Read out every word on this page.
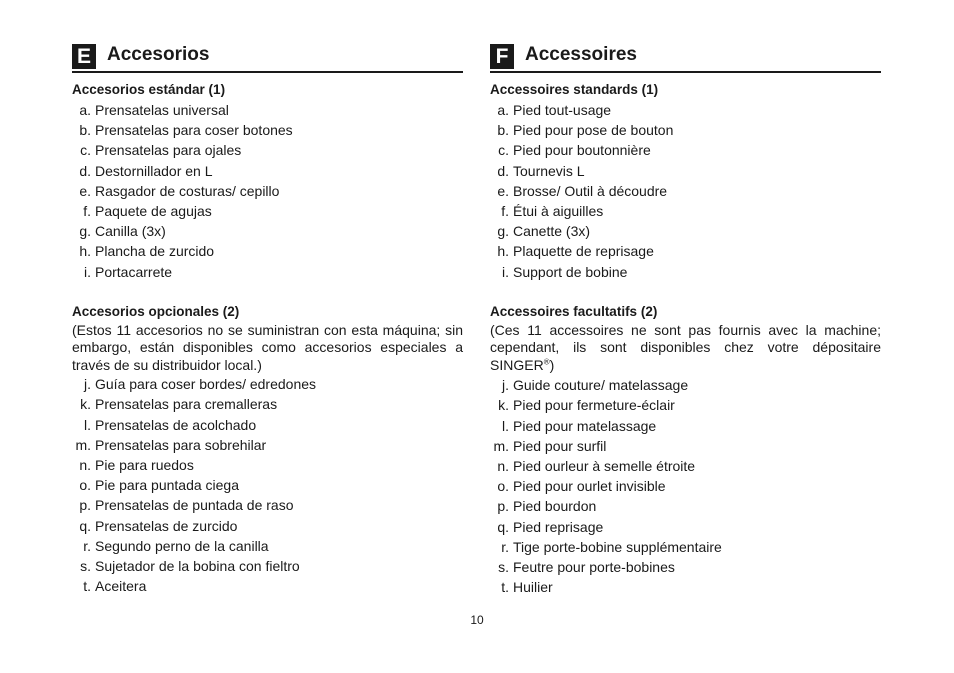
E Accesorios

Accesorios estándar (1)

a. Prensatelas universal
b. Prensatelas para coser botones
c. Prensatelas para ojales
d. Destornillador en L
e. Rasgador de costuras/ cepillo
f. Paquete de agujas
g. Canilla (3x)
h. Plancha de zurcido
i. Portacarrete

Accesorios opcionales (2)

(Estos 11 accesorios no se suministran con esta máquina; sin embargo, están disponibles como accesorios especiales a través de su distribuidor local.)

j. Guía para coser bordes/ edredones
k. Prensatelas para cremalleras
l. Prensatelas de acolchado
m. Prensatelas para sobrehilar
n. Pie para ruedos
o. Pie para puntada ciega
p. Prensatelas de puntada de raso
q. Prensatelas de zurcido
r. Segundo perno de la canilla
s. Sujetador de la bobina con fieltro
t. Aceitera
F Accessoires

Accessoires standards (1)

a. Pied tout-usage
b. Pied pour pose de bouton
c. Pied pour boutonnière
d. Tournevis L
e. Brosse/ Outil à découdre
f. Étui à aiguilles
g. Canette (3x)
h. Plaquette de reprisage
i. Support de bobine

Accessoires facultatifs (2)

(Ces 11 accessoires ne sont pas fournis avec la machine;

cependant, ils sont disponibles chez votre dépositaire

SINGER®)

j. Guide couture/ matelassage
k. Pied pour fermeture-éclair
l. Pied pour matelassage
m. Pied pour surfil
n. Pied ourleur à semelle étroite
o. Pied pour ourlet invisible
p. Pied bourdon
q. Pied reprisage
r. Tige porte-bobine supplémentaire
s. Feutre pour porte-bobines
t. Huilier
10
